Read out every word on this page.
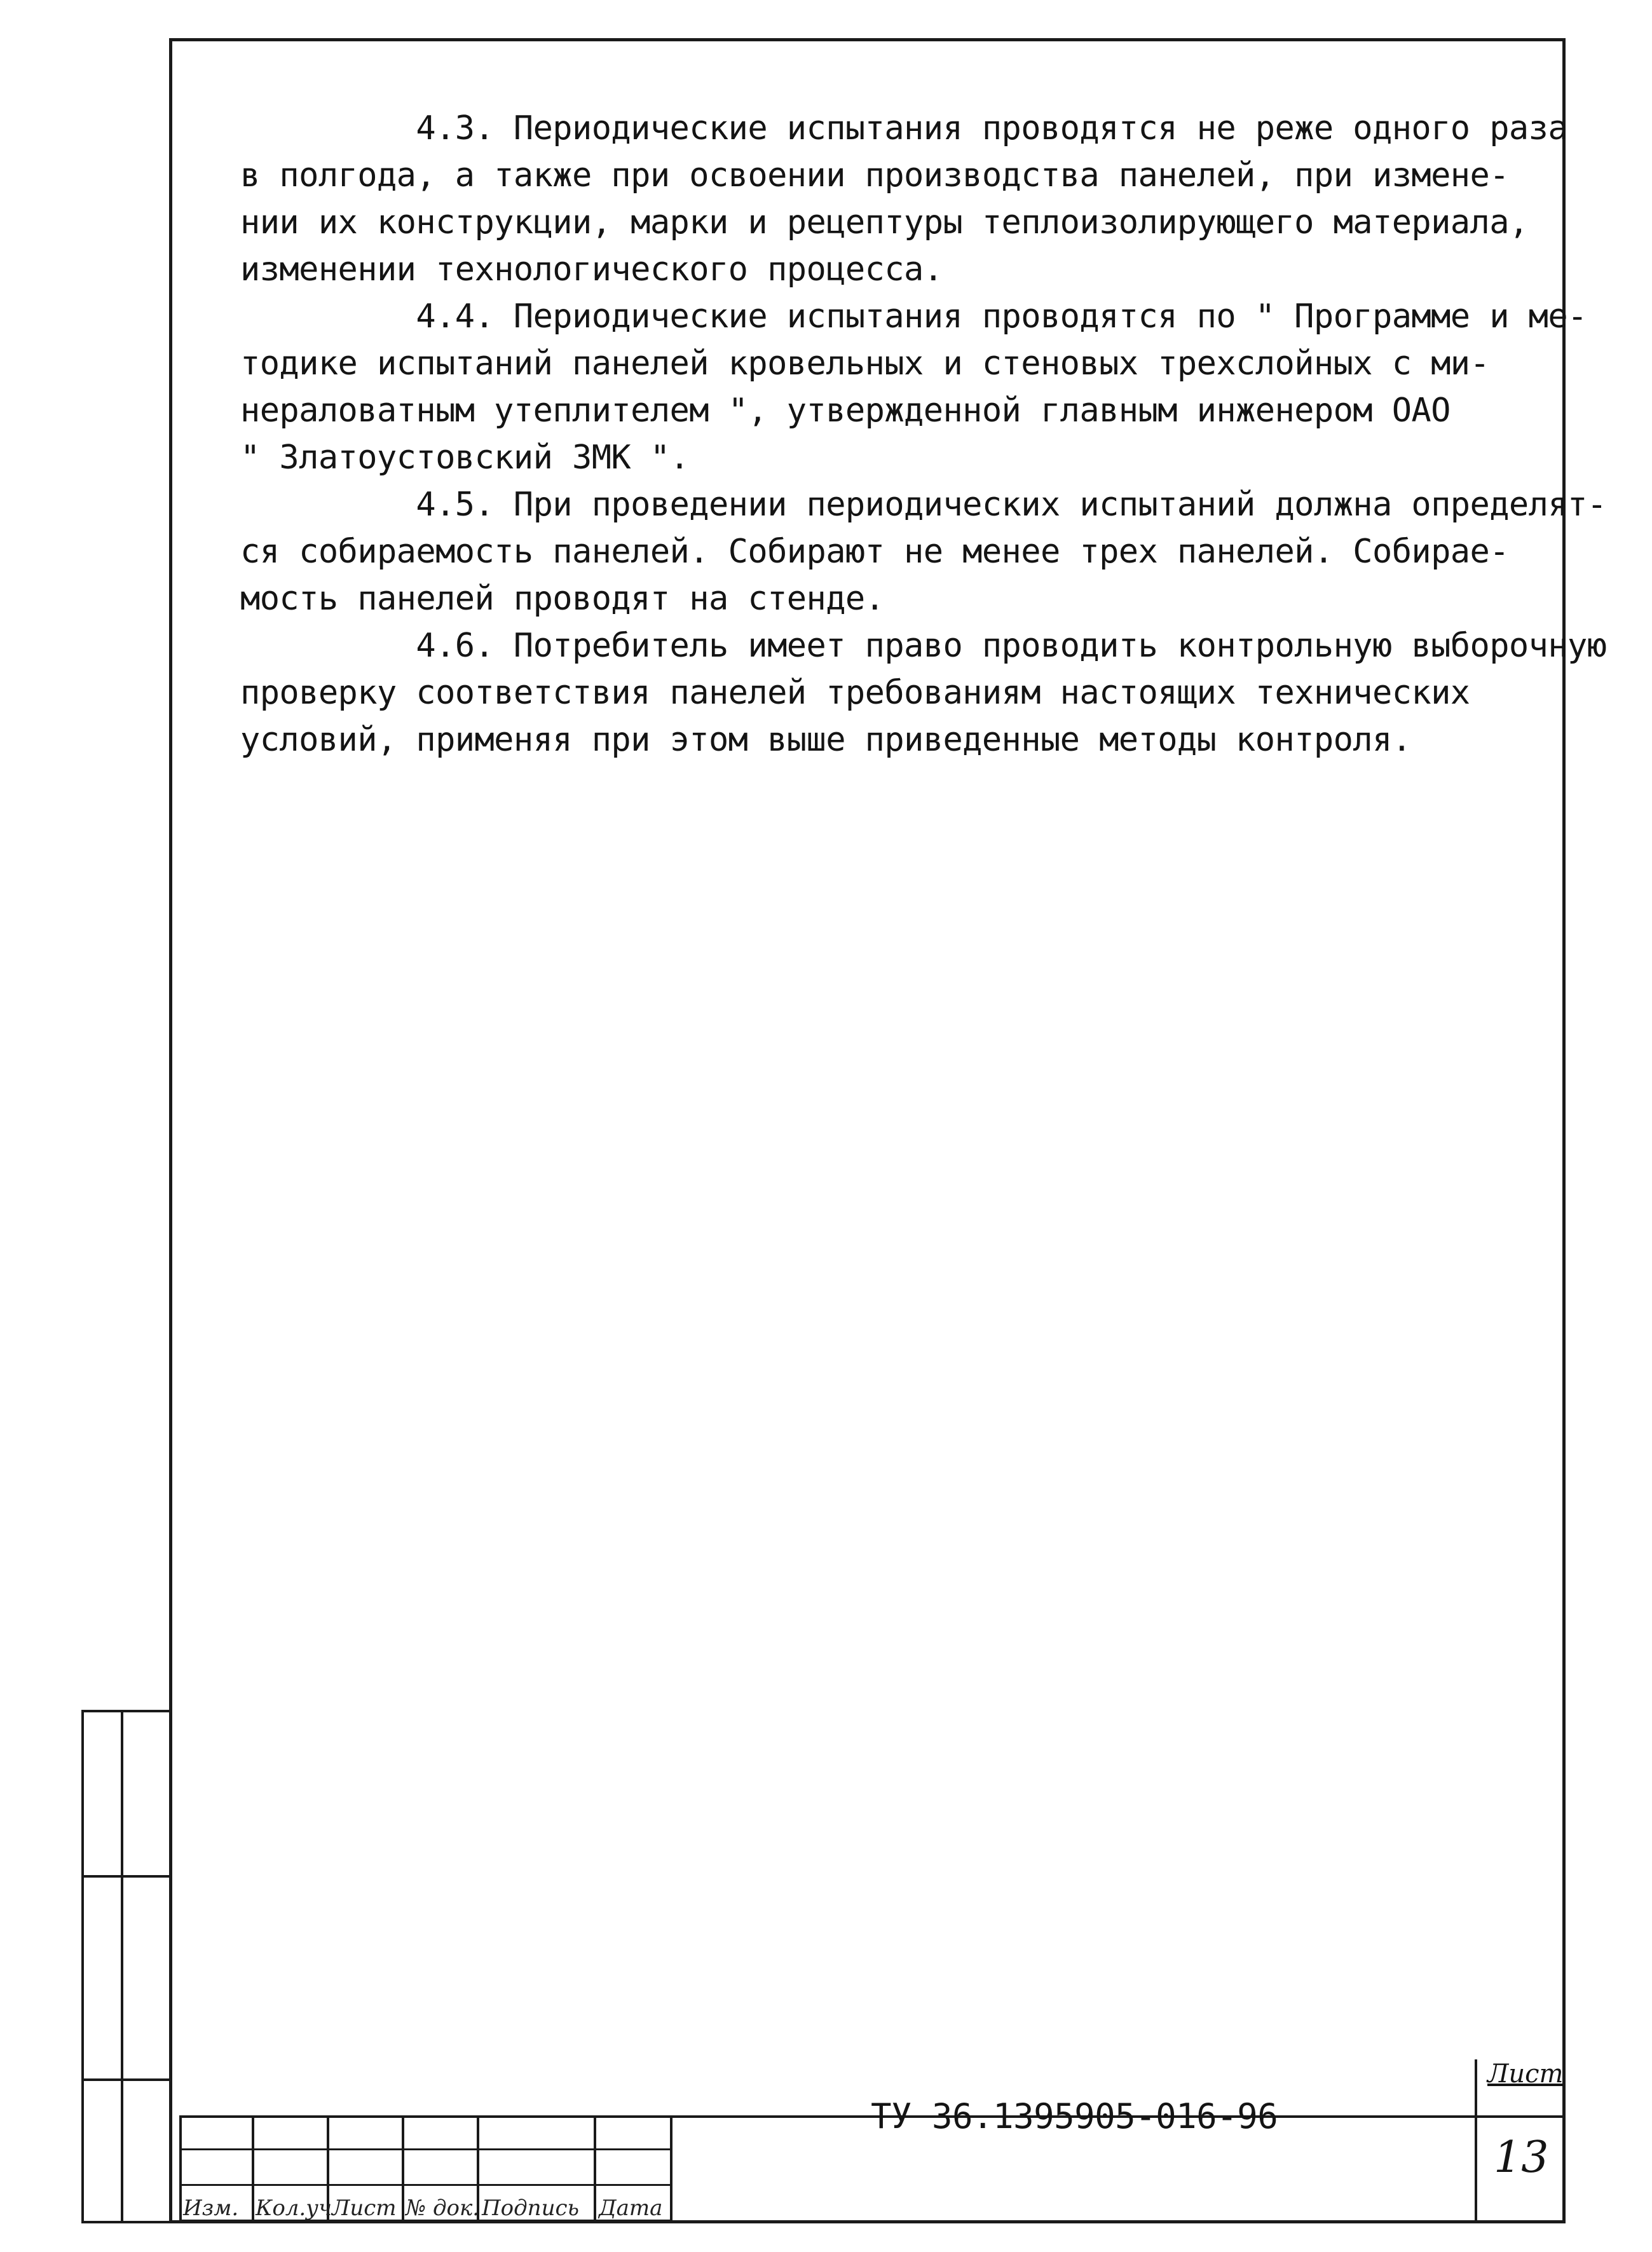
4.3. Периодические испытания проводятся не реже одного раза

в полгода, а также при освоении производства панелей, при измене-

нии их конструкции, марки и рецептуры теплоизолирующего материала,

изменении технологического процесса.

4.4. Периодические испытания проводятся по " Программе и ме-

тодике испытаний панелей кровельных и стеновых трехслойных с ми-

нераловатным утеплителем ", утвержденной главным инженером ОАО

" Златоустовский ЗМК ".

4.5. При проведении периодических испытаний должна определят-

ся собираемость панелей. Собирают не менее трех панелей. Собирае-

мость панелей проводят на стенде.

4.6. Потребитель имеет право проводить контрольную выборочную

проверку соответствия панелей требованиям настоящих технических

условий, применяя при этом выше приведенные методы контроля.

Изм. Кол.уч Лист № док. Подпись Дата
ТУ 36.1395905-016-96
Лист
13
